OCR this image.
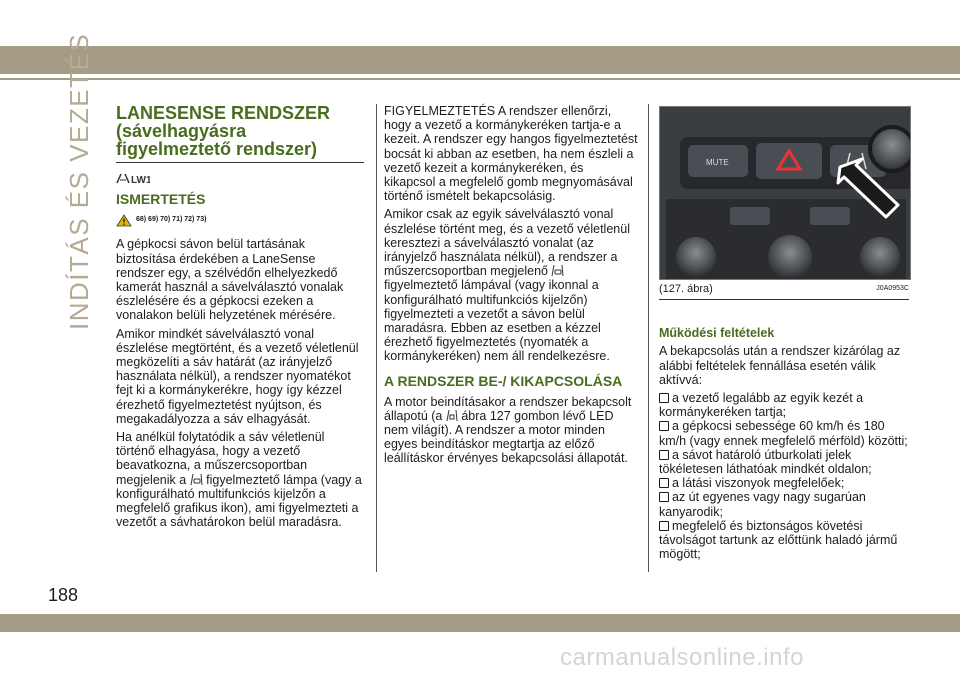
INDÍTÁS ÉS VEZETÉS LANESENSE RENDSZER (sávelhagyásra figyelmeztető rendszer)
LW1
ISMERTETÉS
68) 69) 70) 71) 72) 73)

A gépkocsi sávon belül tartásának biztosítása érdekében a LaneSense rendszer egy, a szélvédőn elhelyezkedő kamerát használ a sávelválasztó vonalak észlelésére és a gépkocsi ezeken a vonalakon belüli helyzetének mérésére.

Amikor mindkét sávelválasztó vonal észlelése megtörtént, és a vezető véletlenül megközelíti a sáv határát (az irányjelző használata nélkül), a rendszer nyomatékot fejt ki a kormánykerékre, hogy így kézzel érezhető figyelmeztetést nyújtson, és megakadályozza a sáv elhagyását.

Ha anélkül folytatódik a sáv véletlenül történő elhagyása, hogy a vezető beavatkozna, a műszercsoportban megjelenik a figyelmeztető lámpa (vagy a konfigurálható multifunkciós kijelzőn a megfelelő grafikus ikon), ami figyelmezteti a vezetőt a sávhatárokon belül maradásra.

FIGYELMEZTETÉS A rendszer ellenőrzi, hogy a vezető a kormánykeréken tartja-e a kezeit. A rendszer egy hangos figyelmeztetést bocsát ki abban az esetben, ha nem észleli a vezető kezeit a kormánykeréken, és kikapcsol a megfelelő gomb megnyomásával történő ismételt bekapcsolásig.

Amikor csak az egyik sávelválasztó vonal észlelése történt meg, és a vezető véletlenül keresztezi a sávelválasztó vonalat (az irányjelző használata nélkül), a rendszer a műszercsoportban megjelenő  figyelmeztető lámpával (vagy ikonnal a konfigurálható multifunkciós kijelzőn) figyelmezteti a vezetőt a sávon belül maradásra. Ebben az esetben a kézzel érezhető figyelmeztetés (nyomaték a kormánykeréken) nem áll rendelkezésre.

A RENDSZER BE-/ KIKAPCSOLÁSA

A motor beindításakor a rendszer bekapcsolt állapotú (a ábra 127 gombon lévő LED nem világít). A rendszer a motor minden egyes beindításkor megtartja az előző leállításkor érvényes bekapcsolási állapotát.

MUTE
(127. ábra)	J0A0953C
Működési feltételek

A bekapcsolás után a rendszer kizárólag az alábbi feltételek fennállása esetén válik aktívvá:

a vezető legalább az egyik kezét a kormánykeréken tartja;
a gépkocsi sebessége 60 km/h és 180 km/h (vagy ennek megfelelő mérföld) közötti;
a sávot határoló útburkolati jelek tökéletesen láthatóak mindkét oldalon;
a látási viszonyok megfelelőek;
az út egyenes vagy nagy sugarúan kanyarodik;
megfelelő és biztonságos követési távolságot tartunk az előttünk haladó jármű mögött;
188
carmanualsonline.info
